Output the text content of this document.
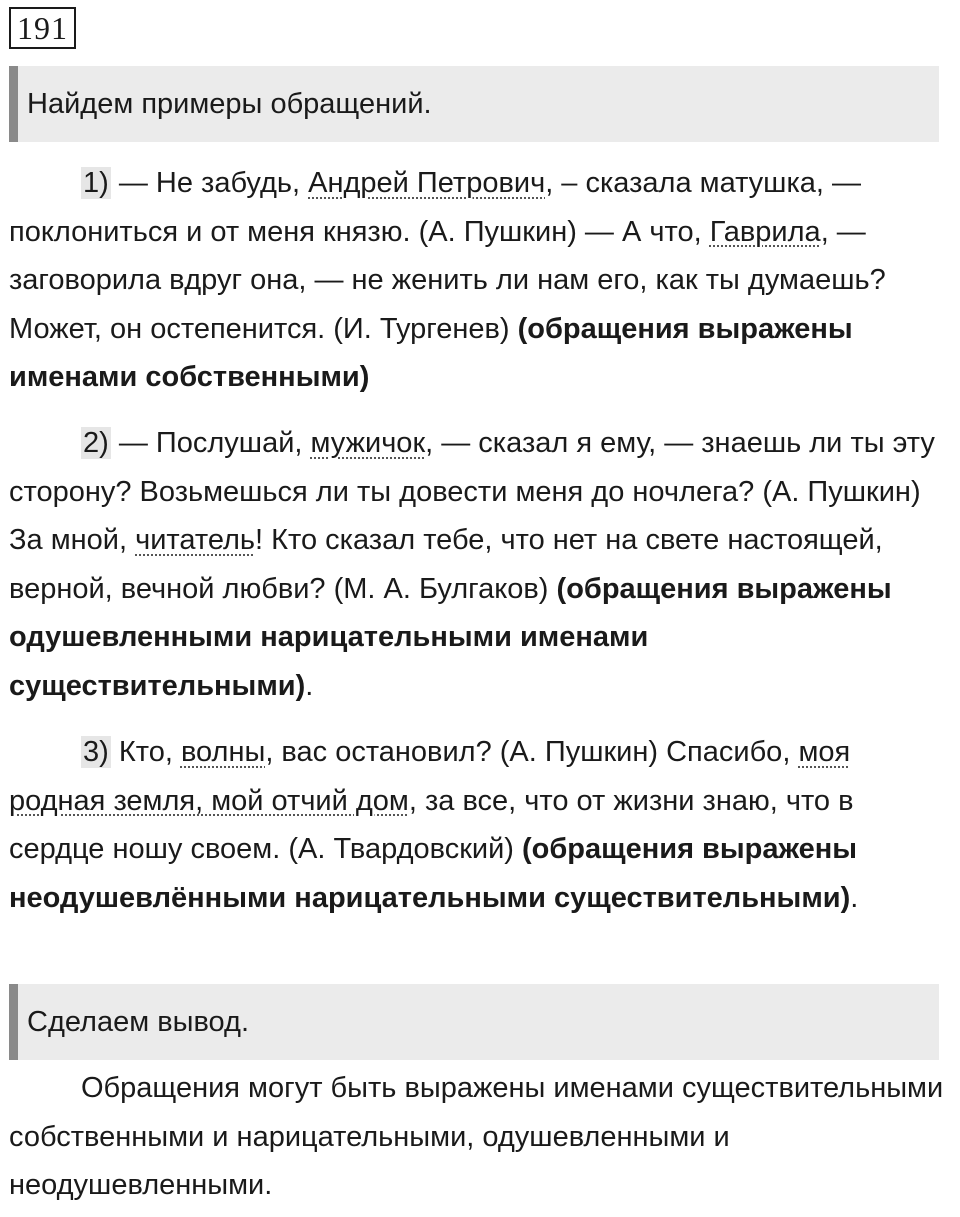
191
Найдем примеры обращений.

1) — Не забудь, Андрей Петрович, – сказала матушка, — поклониться и от меня князю. (А. Пушкин) — А что, Гаврила, — заговорила вдруг она, — не женить ли нам его, как ты думаешь? Может, он остепенится. (И. Тургенев) (обращения выражены именами собственными)

2) — Послушай, мужичок, — сказал я ему, — знаешь ли ты эту сторону? Возьмешься ли ты довести меня до ночлега? (А. Пушкин) За мной, читатель! Кто сказал тебе, что нет на свете настоящей, верной, вечной любви? (М. А. Булгаков) (обращения выражены одушевленными нарицательными именами существительными).

3) Кто, волны, вас остановил? (А. Пушкин) Спасибо, моя родная земля, мой отчий дом, за все, что от жизни знаю, что в сердце ношу своем. (А. Твардовский) (обращения выражены неодушевлёнными нарицательными существительными).

Сделаем вывод.

Обращения могут быть выражены именами существительными собственными и нарицательными, одушевленными и неодушевленными.
